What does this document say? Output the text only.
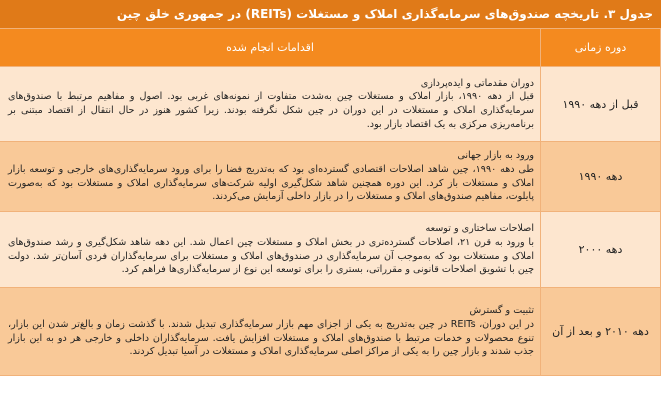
جدول ۳. تاریخچه صندوق‌های سرمایه‌گذاری املاک و مستغلات (REITs) در جمهوری خلق چین
دوره زمانی	اقدامات انجام شده
قبل از دهه ۱۹۹۰	دوران مقدماتی و ایده‌پردازی
قبل از دهه ۱۹۹۰، بازار املاک و مستغلات چین به‌شدت متفاوت از نمونه‌های غربی بود. اصول و مفاهیم مرتبط با صندوق‌های سرمایه‌گذاری املاک و مستغلات در این دوران در چین شکل نگرفته بودند. زیرا کشور هنوز در حال انتقال از اقتصاد مبتنی بر برنامه‌ریزی مرکزی به یک اقتصاد بازار بود.

دهه ۱۹۹۰	ورود به بازار جهانی
طی دهه ۱۹۹۰، چین شاهد اصلاحات اقتصادی گسترده‌ای بود که به‌تدریج فضا را برای ورود سرمایه‌گذاری‌های خارجی و توسعه بازار املاک و مستغلات باز کرد. این دوره همچنین شاهد شکل‌گیری اولیه شرکت‌های سرمایه‌گذاری املاک و مستغلات بود که به‌صورت پایلوت، مفاهیم صندوق‌های املاک و مستغلات را در بازار داخلی آزمایش می‌کردند.

دهه ۲۰۰۰	اصلاحات ساختاری و توسعه
با ورود به قرن ۲۱، اصلاحات گسترده‌تری در بخش املاک و مستغلات چین اعمال شد. این دهه شاهد شکل‌گیری و رشد صندوق‌های املاک و مستغلات بود که به‌موجب آن سرمایه‌گذاری در صندوق‌های املاک و مستغلات برای سرمایه‌گذاران فردی آسان‌تر شد. دولت چین با تشویق اصلاحات قانونی و مقرراتی، بستری را برای توسعه این نوع از سرمایه‌گذاری‌ها فراهم کرد.

دهه ۲۰۱۰ و بعد از آن	تثبیت و گسترش
در این دوران، REITs در چین به‌تدریج به یکی از اجزای مهم بازار سرمایه‌گذاری تبدیل شدند. با گذشت زمان و بالغ‌تر شدن این بازار، تنوع محصولات و خدمات مرتبط با صندوق‌های املاک و مستغلات افزایش یافت. سرمایه‌گذاران داخلی و خارجی هر دو به این بازار جذب شدند و بازار چین را به یکی از مراکز اصلی سرمایه‌گذاری املاک و مستغلات در آسیا تبدیل کردند.
